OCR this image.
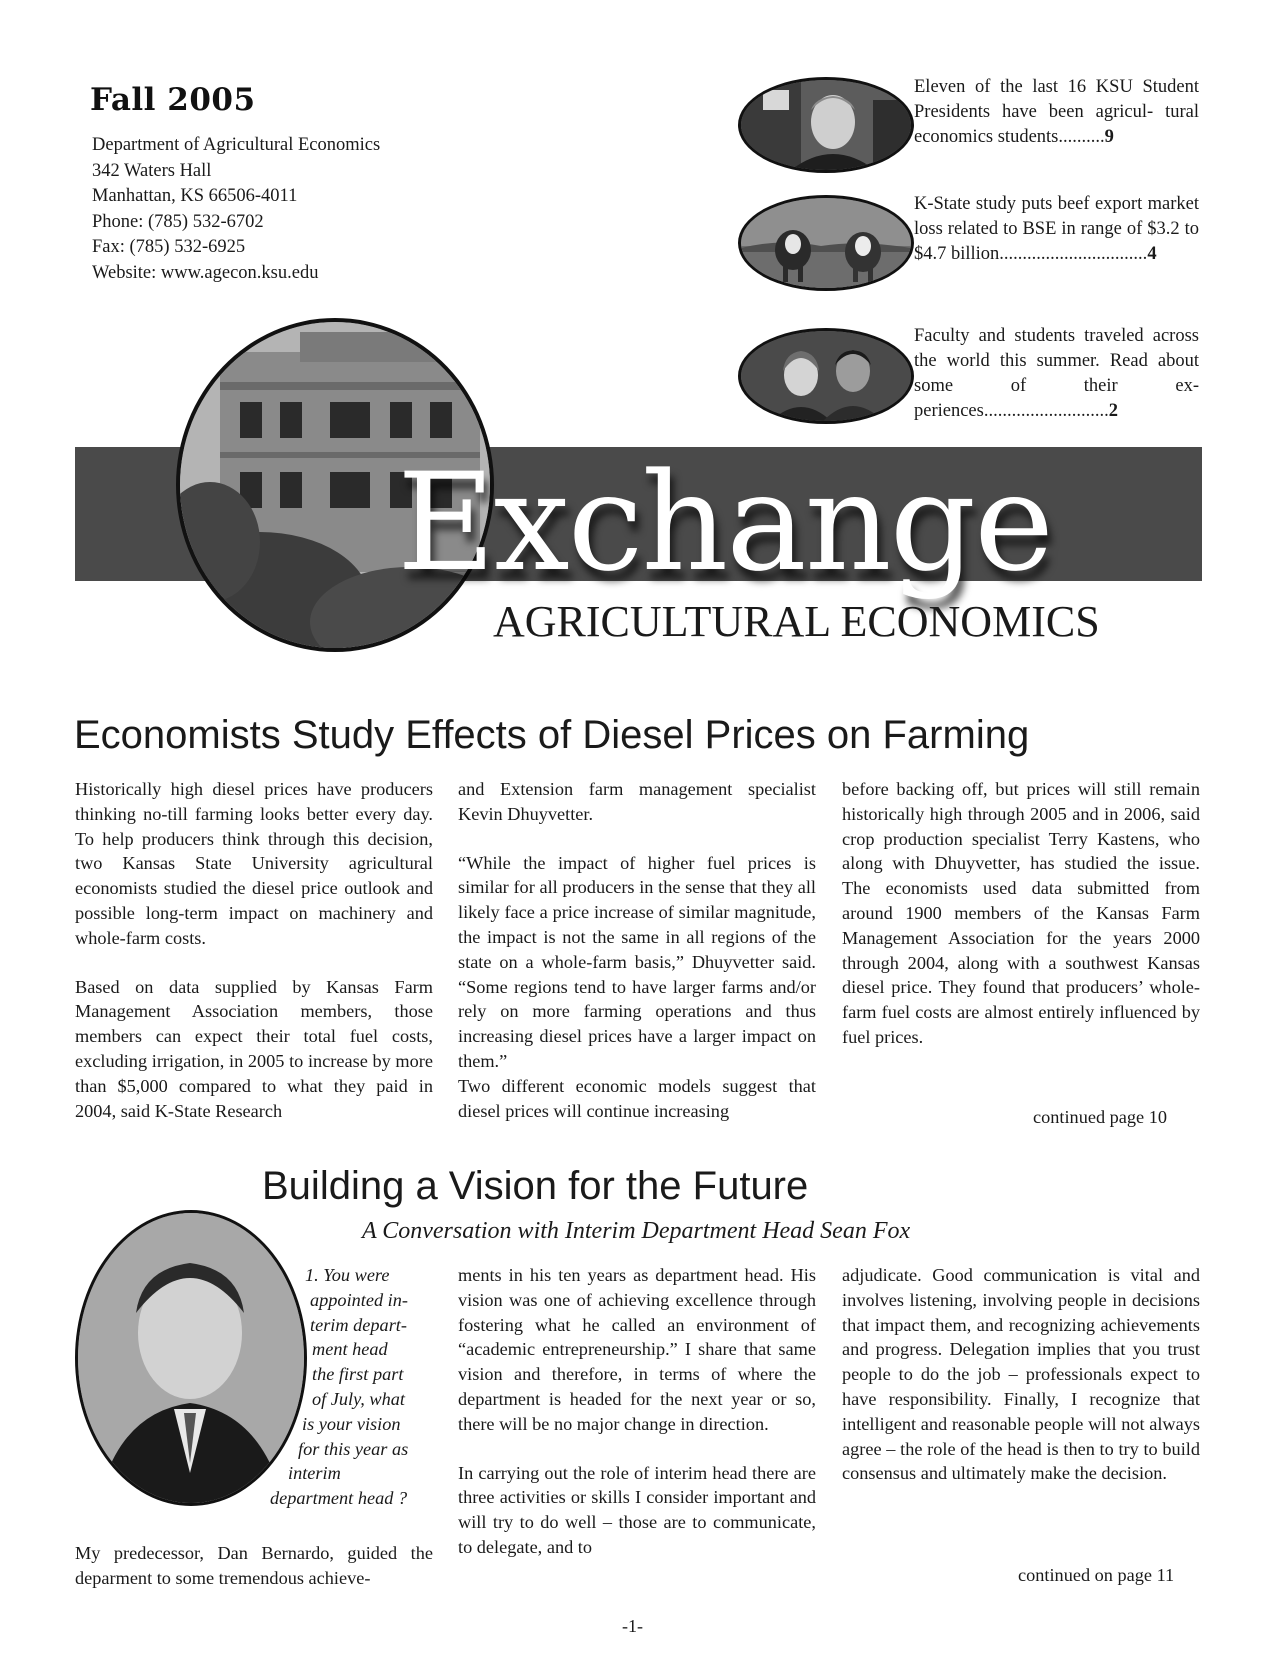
Fall 2005
Department of Agricultural Economics
342 Waters Hall
Manhattan, KS 66506-4011
Phone: (785) 532-6702
Fax: (785) 532-6925
Website: www.agecon.ksu.edu
Eleven of the last 16 KSU Student Presidents have been agricul- tural economics students..........9
K-State study puts beef export market loss related to BSE in range of $3.2 to $4.7 billion................................4
Faculty and students traveled across the world this summer. Read about some of their ex- periences...........................2
Exchange
AGRICULTURAL ECONOMICS
Economists Study Effects of Diesel Prices on Farming

Historically high diesel prices have producers thinking no-till farming looks better every day. To help producers think through this decision, two Kansas State University agricultural economists studied the diesel price outlook and possible long-term impact on machinery and whole-farm costs.

Based on data supplied by Kansas Farm Management Association members, those members can expect their total fuel costs, excluding irrigation, in 2005 to increase by more than $5,000 compared to what they paid in 2004, said K-State Research

and Extension farm management specialist Kevin Dhuyvetter.

“While the impact of higher fuel prices is similar for all producers in the sense that they all likely face a price increase of similar magnitude, the impact is not the same in all regions of the state on a whole-farm basis,” Dhuyvetter said. “Some regions tend to have larger farms and/or rely on more farming operations and thus increasing diesel prices have a larger impact on them.”

Two different economic models suggest that diesel prices will continue increasing

before backing off, but prices will still remain historically high through 2005 and in 2006, said crop production specialist Terry Kastens, who along with Dhuyvetter, has studied the issue. The economists used data submitted from around 1900 members of the Kansas Farm Management Association for the years 2000 through 2004, along with a southwest Kansas diesel price. They found that producers’ whole-farm fuel costs are almost entirely influenced by fuel prices.

continued page 10
Building a Vision for the Future
A Conversation with Interim Department Head Sean Fox
1. You were
appointed in-
terim depart-
ment head
the first part
of July, what
is your vision
for this year as
interim
department head ?

My predecessor, Dan Bernardo, guided the deparment to some tremendous achieve-

ments in his ten years as department head. His vision was one of achieving excellence through fostering what he called an environment of “academic entrepreneurship.” I share that same vision and therefore, in terms of where the department is headed for the next year or so, there will be no major change in direction.

In carrying out the role of interim head there are three activities or skills I consider important and will try to do well – those are to communicate, to delegate, and to

adjudicate. Good communication is vital and involves listening, involving people in decisions that impact them, and recognizing achievements and progress. Delegation implies that you trust people to do the job – professionals expect to have responsibility. Finally, I recognize that intelligent and reasonable people will not always agree – the role of the head is then to try to build consensus and ultimately make the decision.

continued on page 11
-1-
